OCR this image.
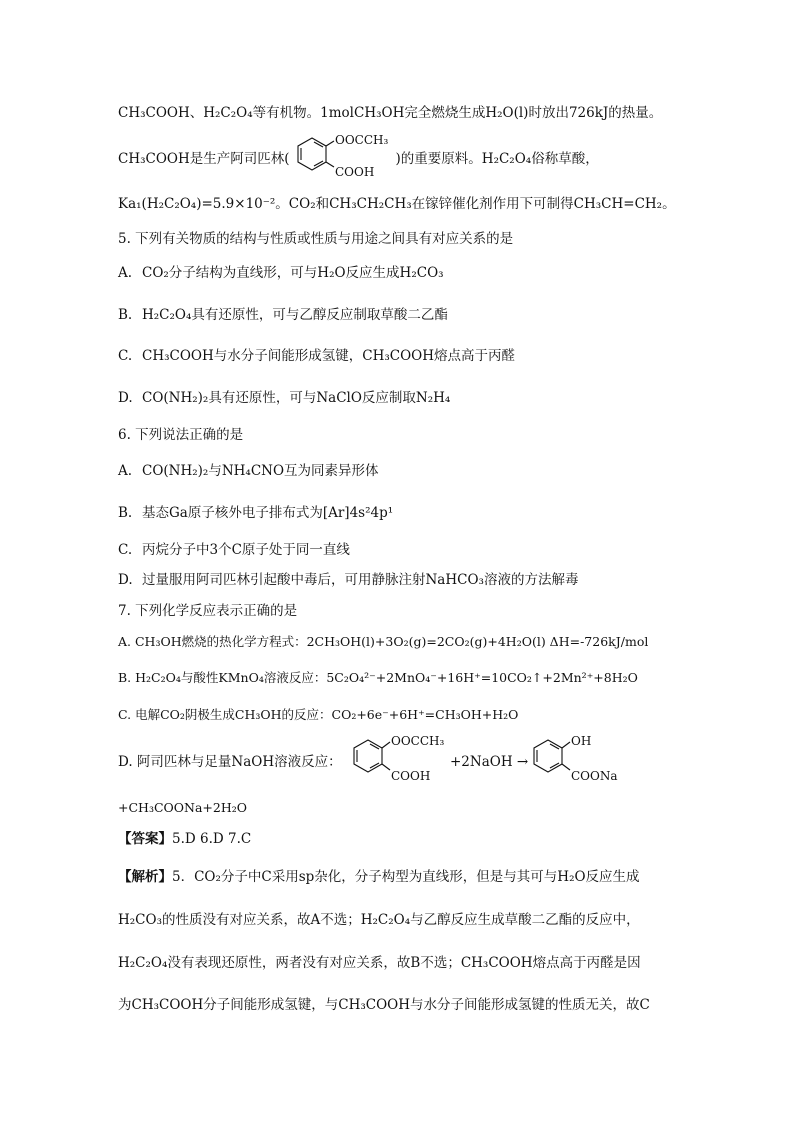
CH₃COOH、H₂C₂O₄等有机物。1molCH₃OH完全燃烧生成H₂O(l)时放出726kJ的热量。
CH₃COOH是生产阿司匹林(	)的重要原料。H₂C₂O₄俗称草酸，
OOCCH₃
COOH
Ka₁(H₂C₂O₄)=5.9×10⁻²。CO₂和CH₃CH₂CH₃在镓锌催化剂作用下可制得CH₃CH=CH₂。
5. 下列有关物质的结构与性质或性质与用途之间具有对应关系的是
A. CO₂分子结构为直线形，可与H₂O反应生成H₂CO₃
B. H₂C₂O₄具有还原性，可与乙醇反应制取草酸二乙酯
C. CH₃COOH与水分子间能形成氢键，CH₃COOH熔点高于丙醛
D. CO(NH₂)₂具有还原性，可与NaClO反应制取N₂H₄
6. 下列说法正确的是
A. CO(NH₂)₂与NH₄CNO互为同素异形体
B. 基态Ga原子核外电子排布式为[Ar]4s²4p¹
C. 丙烷分子中3个C原子处于同一直线
D. 过量服用阿司匹林引起酸中毒后，可用静脉注射NaHCO₃溶液的方法解毒
7. 下列化学反应表示正确的是
A. CH₃OH燃烧的热化学方程式：2CH₃OH(l)+3O₂(g)=2CO₂(g)+4H₂O(l) ΔH=-726kJ/mol
B. H₂C₂O₄与酸性KMnO₄溶液反应：5C₂O₄²⁻+2MnO₄⁻+16H⁺=10CO₂↑+2Mn²⁺+8H₂O
C. 电解CO₂阴极生成CH₃OH的反应：CO₂+6e⁻+6H⁺=CH₃OH+H₂O
D. 阿司匹林与足量NaOH溶液反应：
OOCCH₃
COOH
+2NaOH →
OH
COONa
+CH₃COONa+2H₂O
【答案】5.D 6.D 7.C
【解析】5．CO₂分子中C采用sp杂化，分子构型为直线形，但是与其可与H₂O反应生成
H₂CO₃的性质没有对应关系，故A不选；H₂C₂O₄与乙醇反应生成草酸二乙酯的反应中，
H₂C₂O₄没有表现还原性，两者没有对应关系，故B不选；CH₃COOH熔点高于丙醛是因
为CH₃COOH分子间能形成氢键，与CH₃COOH与水分子间能形成氢键的性质无关，故C
